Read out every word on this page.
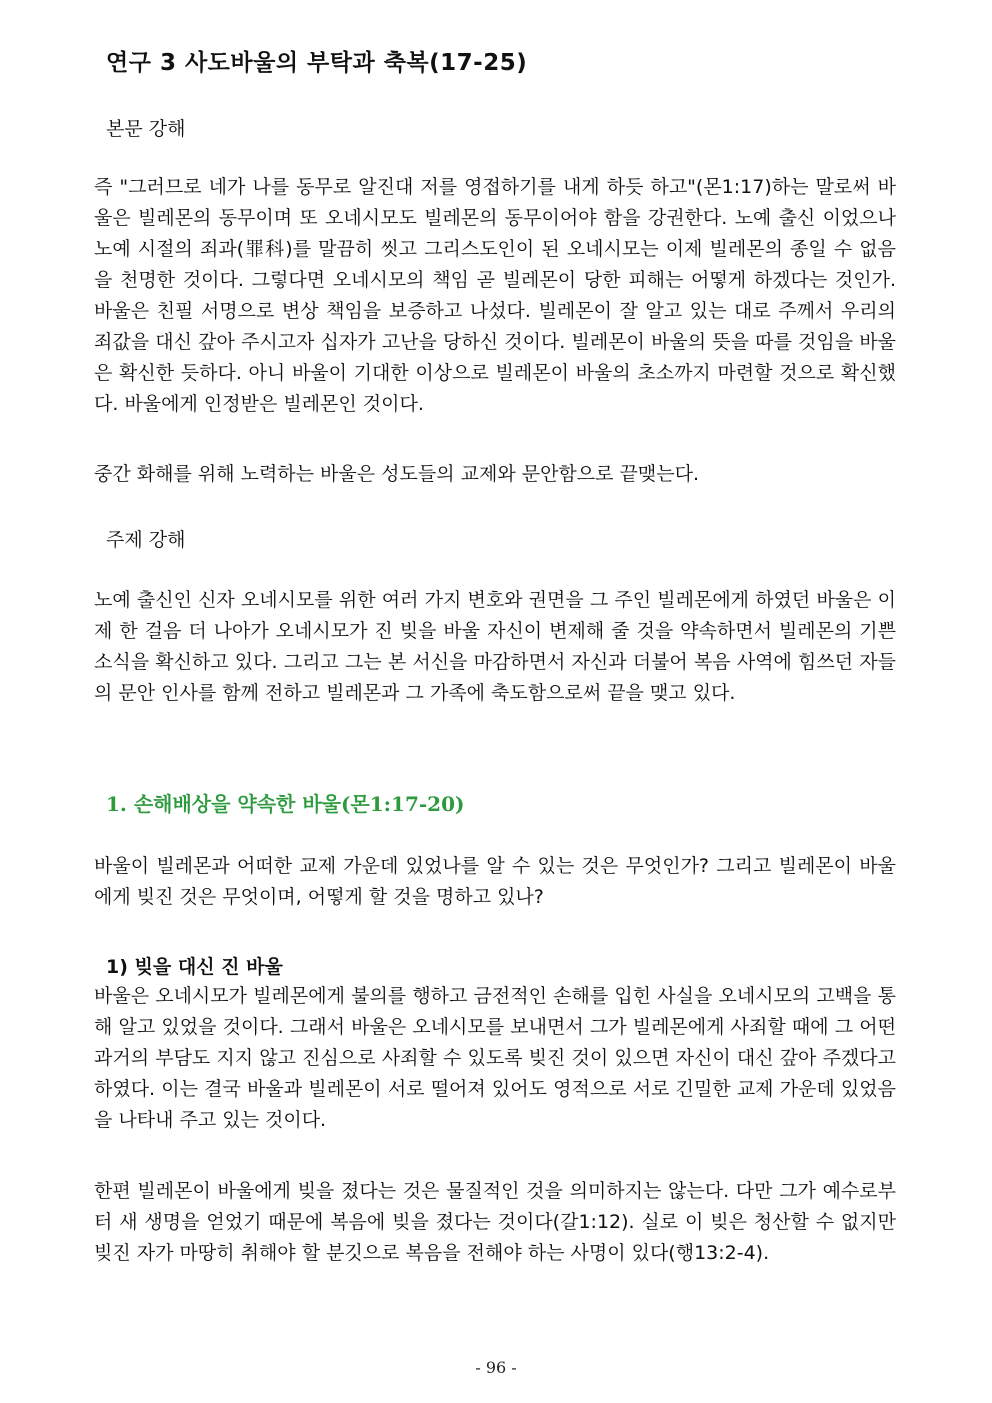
연구 3 사도바울의 부탁과 축복(17-25)
본문 강해

즉 "그러므로 네가 나를 동무로 알진대 저를 영접하기를 내게 하듯 하고"(몬1:17)하는 말로써 바울은 빌레몬의 동무이며 또 오네시모도 빌레몬의 동무이어야 함을 강권한다. 노예 출신 이었으나 노예 시절의 죄과(罪科)를 말끔히 씻고 그리스도인이 된 오네시모는 이제 빌레몬의 종일 수 없음을 천명한 것이다. 그렇다면 오네시모의 책임 곧 빌레몬이 당한 피해는 어떻게 하겠다는 것인가. 바울은 친필 서명으로 변상 책임을 보증하고 나섰다. 빌레몬이 잘 알고 있는 대로 주께서 우리의 죄값을 대신 갚아 주시고자 십자가 고난을 당하신 것이다. 빌레몬이 바울의 뜻을 따를 것임을 바울은 확신한 듯하다. 아니 바울이 기대한 이상으로 빌레몬이 바울의 초소까지 마련할 것으로 확신했다. 바울에게 인정받은 빌레몬인 것이다.

중간 화해를 위해 노력하는 바울은 성도들의 교제와 문안함으로 끝맺는다.

주제 강해

노예 출신인 신자 오네시모를 위한 여러 가지 변호와 권면을 그 주인 빌레몬에게 하였던 바울은 이제 한 걸음 더 나아가 오네시모가 진 빚을 바울 자신이 변제해 줄 것을 약속하면서 빌레몬의 기쁜 소식을 확신하고 있다. 그리고 그는 본 서신을 마감하면서 자신과 더불어 복음 사역에 힘쓰던 자들의 문안 인사를 함께 전하고 빌레몬과 그 가족에 축도함으로써 끝을 맺고 있다.

1. 손해배상을 약속한 바울(몬1:17-20)

바울이 빌레몬과 어떠한 교제 가운데 있었나를 알 수 있는 것은 무엇인가? 그리고 빌레몬이 바울에게 빚진 것은 무엇이며, 어떻게 할 것을 명하고 있나?

1) 빚을 대신 진 바울

바울은 오네시모가 빌레몬에게 불의를 행하고 금전적인 손해를 입힌 사실을 오네시모의 고백을 통해 알고 있었을 것이다. 그래서 바울은 오네시모를 보내면서 그가 빌레몬에게 사죄할 때에 그 어떤 과거의 부담도 지지 않고 진심으로 사죄할 수 있도록 빚진 것이 있으면 자신이 대신 갚아 주겠다고 하였다. 이는 결국 바울과 빌레몬이 서로 떨어져 있어도 영적으로 서로 긴밀한 교제 가운데 있었음을 나타내 주고 있는 것이다.

한편 빌레몬이 바울에게 빚을 졌다는 것은 물질적인 것을 의미하지는 않는다. 다만 그가 예수로부터 새 생명을 얻었기 때문에 복음에 빚을 졌다는 것이다(갈1:12). 실로 이 빚은 청산할 수 없지만 빚진 자가 마땅히 취해야 할 분깃으로 복음을 전해야 하는 사명이 있다(행13:2-4).

- 96 -
